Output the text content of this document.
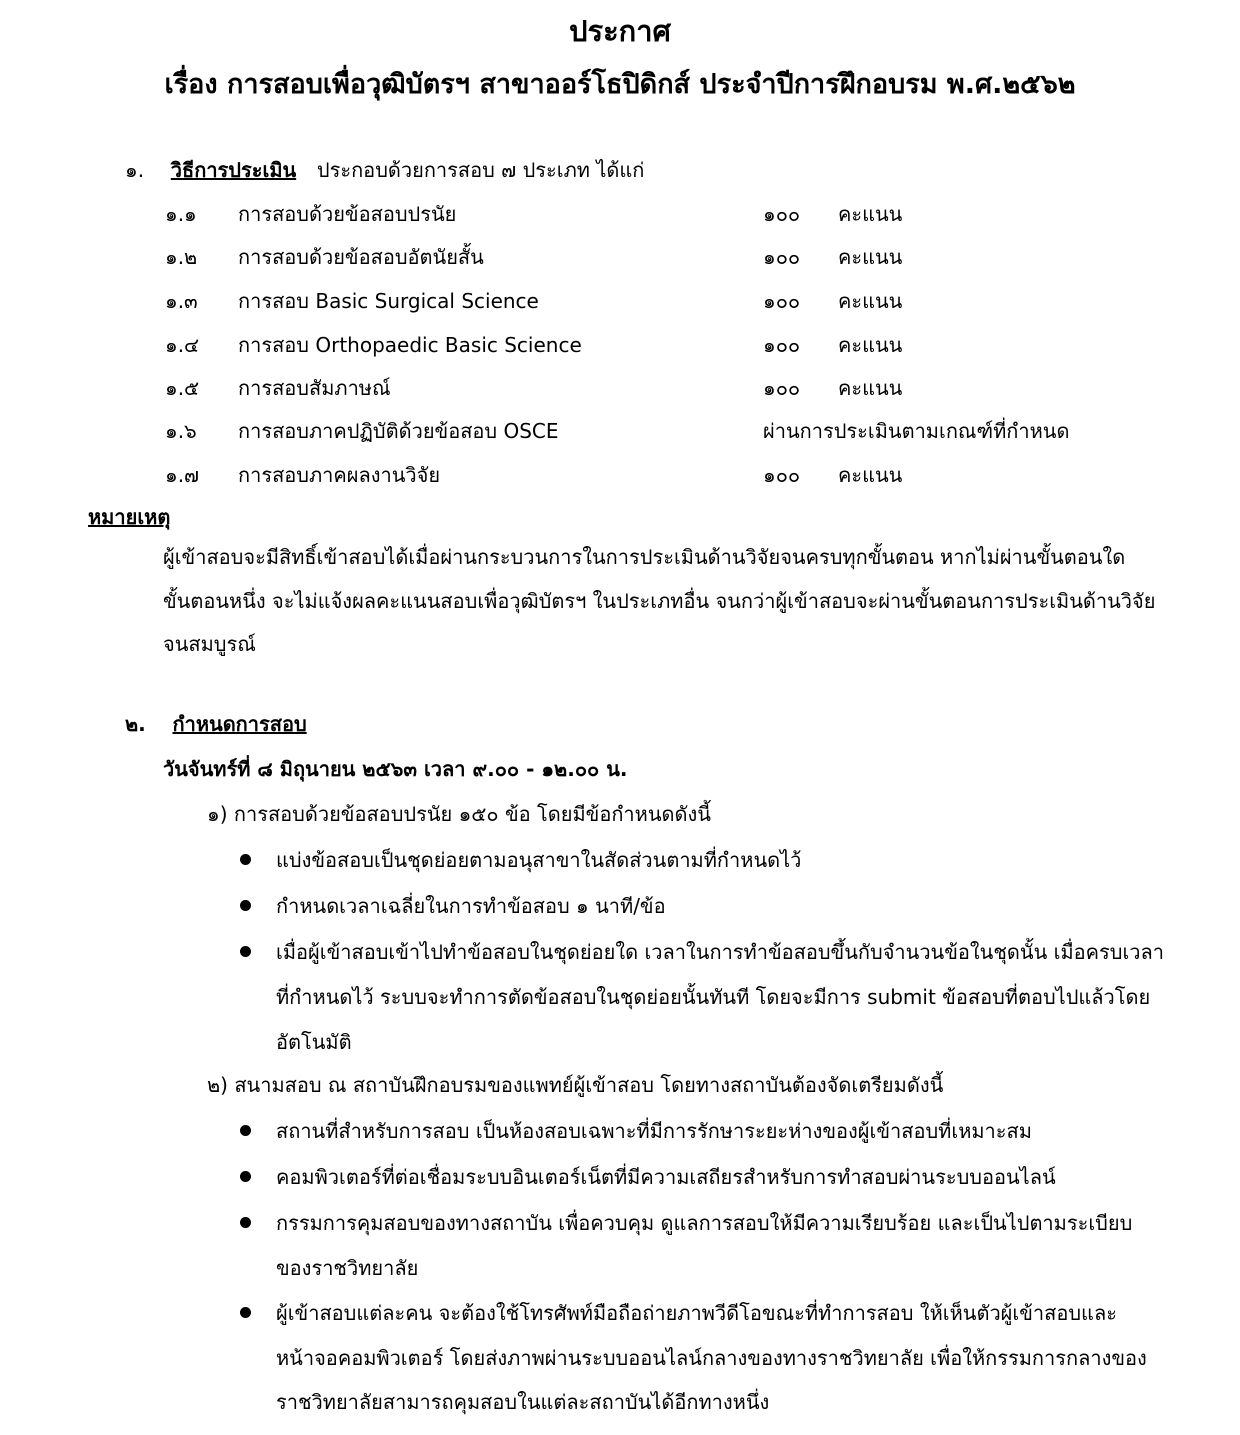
ประกาศ
เรื่อง การสอบเพื่อวุฒิบัตรฯ สาขาออร์โธปิดิกส์ ประจำปีการฝึกอบรม พ.ศ.๒๕๖๒
๑. วิธีการประเมิน ประกอบด้วยการสอบ ๗ ประเภท ได้แก่
๑.๑ การสอบด้วยข้อสอบปรนัย	๑๐๐ คะแนน
๑.๒ การสอบด้วยข้อสอบอัตนัยสั้น	๑๐๐ คะแนน
๑.๓ การสอบ Basic Surgical Science	๑๐๐ คะแนน
๑.๔ การสอบ Orthopaedic Basic Science	๑๐๐ คะแนน
๑.๕ การสอบสัมภาษณ์	๑๐๐ คะแนน
๑.๖ การสอบภาคปฏิบัติด้วยข้อสอบ OSCE	ผ่านการประเมินตามเกณฑ์ที่กำหนด
๑.๗ การสอบภาคผลงานวิจัย	๑๐๐ คะแนน
หมายเหตุ
ผู้เข้าสอบจะมีสิทธิ์เข้าสอบได้เมื่อผ่านกระบวนการในการประเมินด้านวิจัยจนครบทุกขั้นตอน หากไม่ผ่านขั้นตอนใด
ขั้นตอนหนึ่ง จะไม่แจ้งผลคะแนนสอบเพื่อวุฒิบัตรฯ ในประเภทอื่น จนกว่าผู้เข้าสอบจะผ่านขั้นตอนการประเมินด้านวิจัย
จนสมบูรณ์
๒. กำหนดการสอบ
วันจันทร์ที่ ๘ มิถุนายน ๒๕๖๓ เวลา ๙.๐๐ - ๑๒.๐๐ น.
๑) การสอบด้วยข้อสอบปรนัย ๑๕๐ ข้อ โดยมีข้อกำหนดดังนี้
แบ่งข้อสอบเป็นชุดย่อยตามอนุสาขาในสัดส่วนตามที่กำหนดไว้
กำหนดเวลาเฉลี่ยในการทำข้อสอบ ๑ นาที/ข้อ
เมื่อผู้เข้าสอบเข้าไปทำข้อสอบในชุดย่อยใด เวลาในการทำข้อสอบขึ้นกับจำนวนข้อในชุดนั้น เมื่อครบเวลา
ที่กำหนดไว้ ระบบจะทำการตัดข้อสอบในชุดย่อยนั้นทันที โดยจะมีการ submit ข้อสอบที่ตอบไปแล้วโดย
อัตโนมัติ
๒) สนามสอบ ณ สถาบันฝึกอบรมของแพทย์ผู้เข้าสอบ โดยทางสถาบันต้องจัดเตรียมดังนี้
สถานที่สำหรับการสอบ เป็นห้องสอบเฉพาะที่มีการรักษาระยะห่างของผู้เข้าสอบที่เหมาะสม
คอมพิวเตอร์ที่ต่อเชื่อมระบบอินเตอร์เน็ตที่มีความเสถียรสำหรับการทำสอบผ่านระบบออนไลน์
กรรมการคุมสอบของทางสถาบัน เพื่อควบคุม ดูแลการสอบให้มีความเรียบร้อย และเป็นไปตามระเบียบ
ของราชวิทยาลัย
ผู้เข้าสอบแต่ละคน จะต้องใช้โทรศัพท์มือถือถ่ายภาพวีดีโอขณะที่ทำการสอบ ให้เห็นตัวผู้เข้าสอบและ
หน้าจอคอมพิวเตอร์ โดยส่งภาพผ่านระบบออนไลน์กลางของทางราชวิทยาลัย เพื่อให้กรรมการกลางของ
ราชวิทยาลัยสามารถคุมสอบในแต่ละสถาบันได้อีกทางหนึ่ง
